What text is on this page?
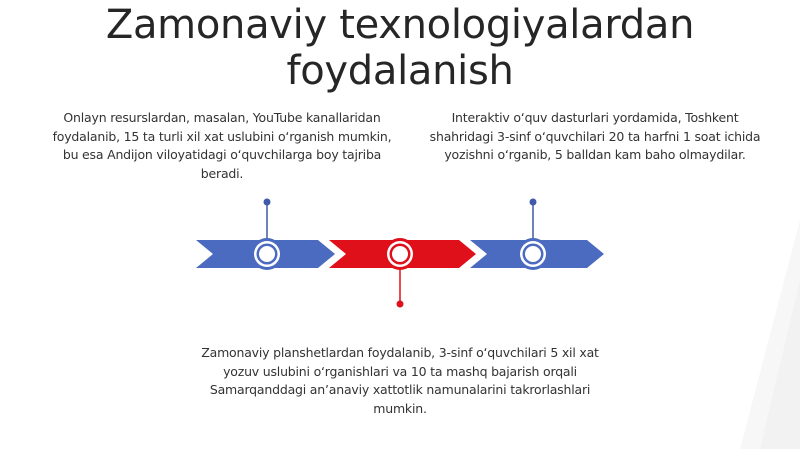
Zamonaviy texnologiyalardan foydalanish
Onlayn resurslardan, masalan, YouTube kanallaridan foydalanib, 15 ta turli xil xat uslubini oʻrganish mumkin, bu esa Andijon viloyatidagi oʻquvchilarga boy tajriba beradi.
Interaktiv oʻquv dasturlari yordamida, Toshkent shahridagi 3-sinf oʻquvchilari 20 ta harfni 1 soat ichida yozishni oʻrganib, 5 balldan kam baho olmaydilar.
Zamonaviy planshetlardan foydalanib, 3-sinf oʻquvchilari 5 xil xat yozuv uslubini oʻrganishlari va 10 ta mashq bajarish orqali Samarqanddagi anʼanaviy xattotlik namunalarini takrorlashlari mumkin.
